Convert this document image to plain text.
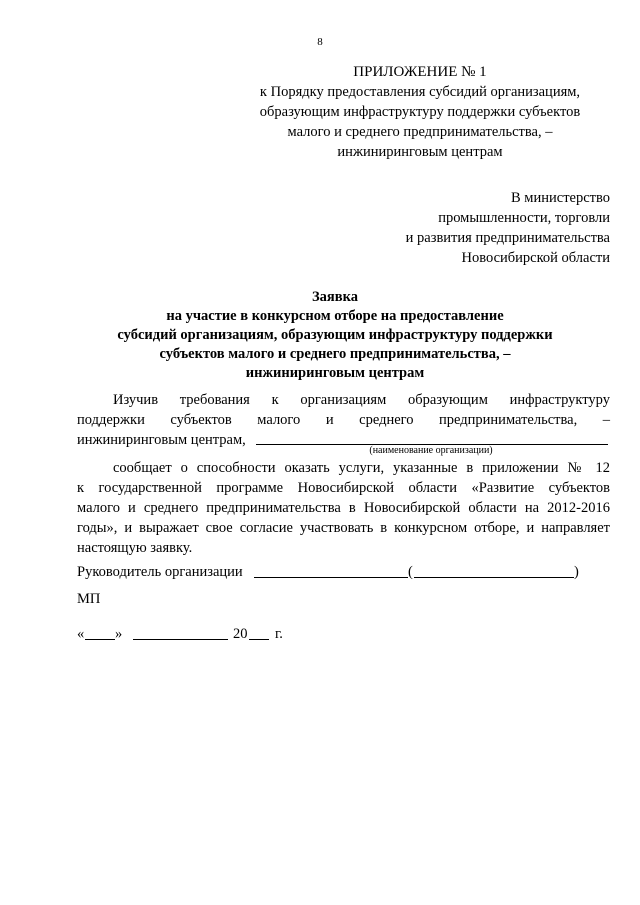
8
ПРИЛОЖЕНИЕ № 1
к Порядку предоставления субсидий организациям,
образующим инфраструктуру поддержки субъектов
малого и среднего предпринимательства, –
инжиниринговым центрам
В министерство
промышленности, торговли
и развития предпринимательства
Новосибирской области
Заявка
на участие в конкурсном отборе на предоставление
субсидий организациям, образующим инфраструктуру поддержки
субъектов малого и среднего предпринимательства, –
инжиниринговым центрам
Изучив требования к организациям образующим инфраструктуру
поддержки субъектов малого и среднего предпринимательства, –
инжиниринговым центрам,
(наименование организации)
сообщает о способности оказать услуги, указанные в приложении № 12
к государственной программе Новосибирской области «Развитие субъектов
малого и среднего предпринимательства в Новосибирской области на 2012-2016
годы», и выражает свое согласие участвовать в конкурсном отборе, и направляет
настоящую заявку.
Руководитель организации	(	)
МП
« »	20 г.
